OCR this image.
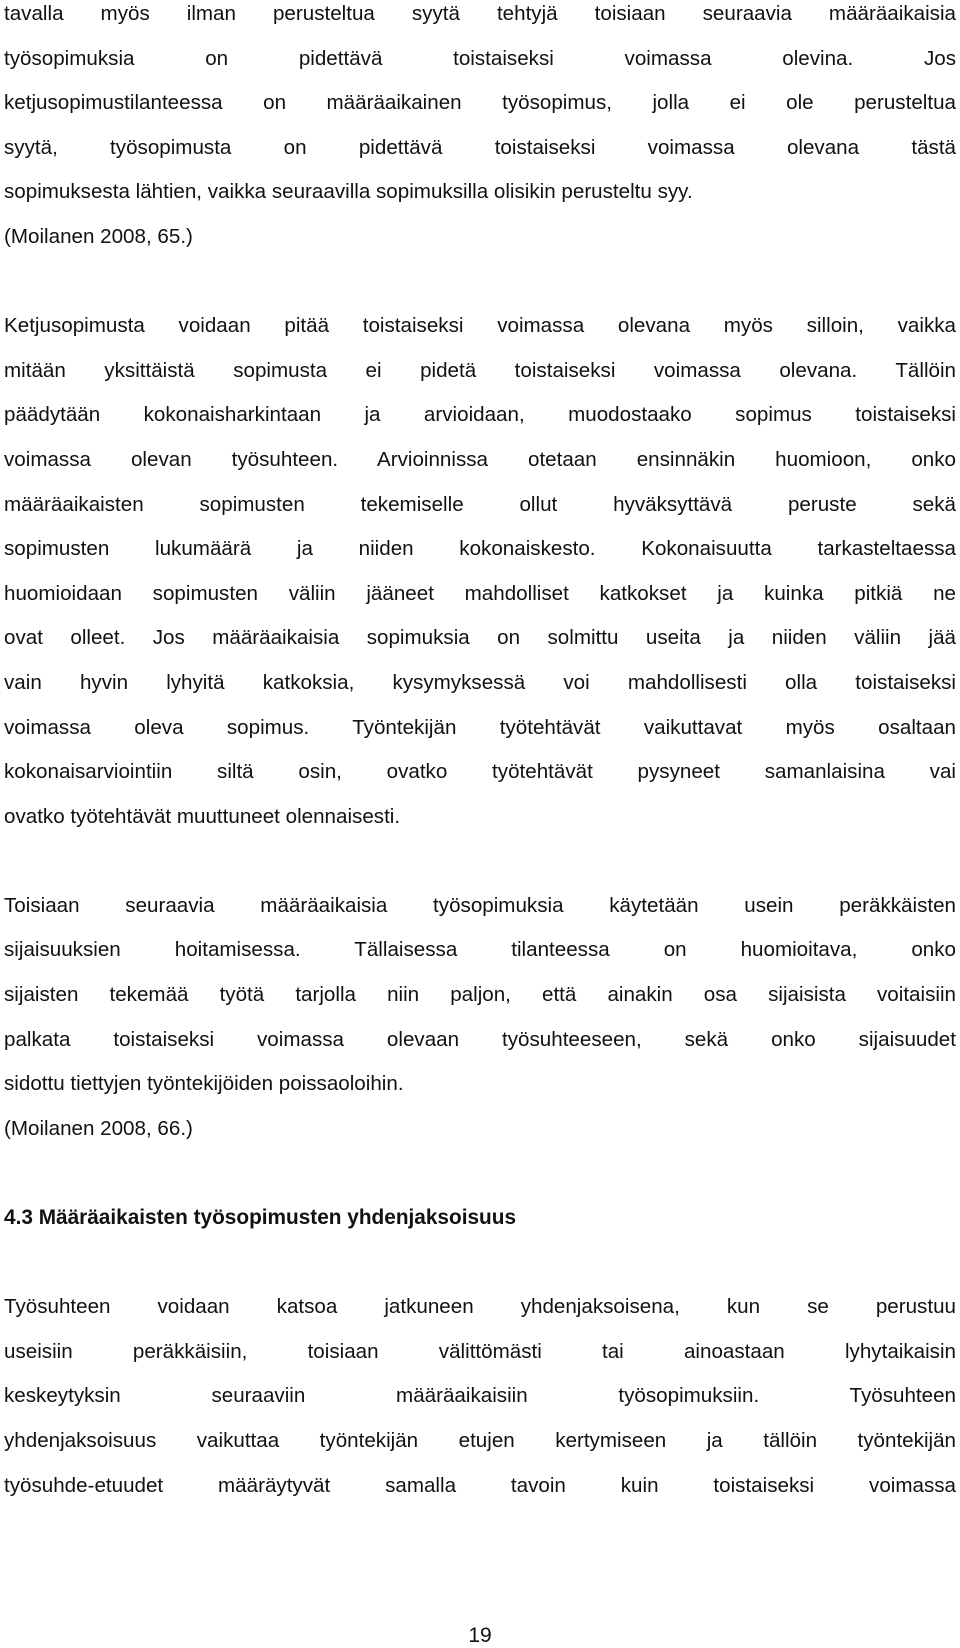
tavalla myös ilman perusteltua syytä tehtyjä toisiaan seuraavia määräaikaisia
työsopimuksia on pidettävä toistaiseksi voimassa olevina. Jos
ketjusopimustilanteessa on määräaikainen työsopimus, jolla ei ole perusteltua
syytä, työsopimusta on pidettävä toistaiseksi voimassa olevana tästä
sopimuksesta lähtien, vaikka seuraavilla sopimuksilla olisikin perusteltu syy.
(Moilanen 2008, 65.)
Ketjusopimusta voidaan pitää toistaiseksi voimassa olevana myös silloin, vaikka
mitään yksittäistä sopimusta ei pidetä toistaiseksi voimassa olevana. Tällöin
päädytään kokonaisharkintaan ja arvioidaan, muodostaako sopimus toistaiseksi
voimassa olevan työsuhteen. Arvioinnissa otetaan ensinnäkin huomioon, onko
määräaikaisten sopimusten tekemiselle ollut hyväksyttävä peruste sekä
sopimusten lukumäärä ja niiden kokonaiskesto. Kokonaisuutta tarkasteltaessa
huomioidaan sopimusten väliin jääneet mahdolliset katkokset ja kuinka pitkiä ne
ovat olleet. Jos määräaikaisia sopimuksia on solmittu useita ja niiden väliin jää
vain hyvin lyhyitä katkoksia, kysymyksessä voi mahdollisesti olla toistaiseksi
voimassa oleva sopimus. Työntekijän työtehtävät vaikuttavat myös osaltaan
kokonaisarviointiin siltä osin, ovatko työtehtävät pysyneet samanlaisina vai
ovatko työtehtävät muuttuneet olennaisesti.
Toisiaan seuraavia määräaikaisia työsopimuksia käytetään usein peräkkäisten
sijaisuuksien hoitamisessa. Tällaisessa tilanteessa on huomioitava, onko
sijaisten tekemää työtä tarjolla niin paljon, että ainakin osa sijaisista voitaisiin
palkata toistaiseksi voimassa olevaan työsuhteeseen, sekä onko sijaisuudet
sidottu tiettyjen työntekijöiden poissaoloihin.
(Moilanen 2008, 66.)
4.3 Määräaikaisten työsopimusten yhdenjaksoisuus
Työsuhteen voidaan katsoa jatkuneen yhdenjaksoisena, kun se perustuu
useisiin peräkkäisiin, toisiaan välittömästi tai ainoastaan lyhytaikaisin
keskeytyksin seuraaviin määräaikaisiin työsopimuksiin. Työsuhteen
yhdenjaksoisuus vaikuttaa työntekijän etujen kertymiseen ja tällöin työntekijän
työsuhde-etuudet määräytyvät samalla tavoin kuin toistaiseksi voimassa
19
